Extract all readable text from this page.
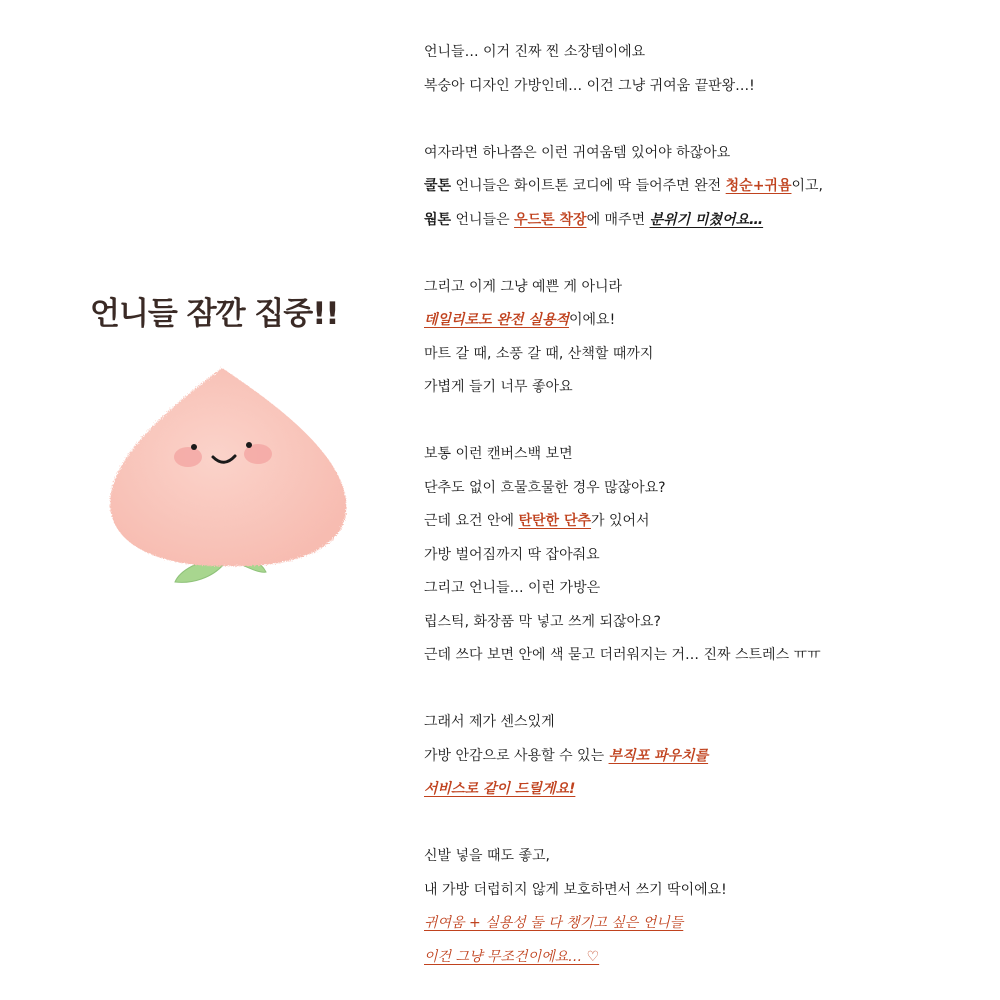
언니들 잠깐 집중!!
언니들… 이거 진짜 찐 소장템이에요
복숭아 디자인 가방인데… 이건 그냥 귀여움 끝판왕…!
여자라면 하나쯤은 이런 귀여움템 있어야 하잖아요
쿨톤 언니들은 화이트톤 코디에 딱 들어주면 완전 청순+귀욤이고,
웜톤 언니들은 우드톤 착장에 매주면 분위기 미쳤어요…
그리고 이게 그냥 예쁜 게 아니라
데일리로도 완전 실용적이에요!
마트 갈 때, 소풍 갈 때, 산책할 때까지
가볍게 들기 너무 좋아요
보통 이런 캔버스백 보면
단추도 없이 흐물흐물한 경우 많잖아요?
근데 요건 안에 탄탄한 단추가 있어서
가방 벌어짐까지 딱 잡아줘요
그리고 언니들… 이런 가방은
립스틱, 화장품 막 넣고 쓰게 되잖아요?
근데 쓰다 보면 안에 색 묻고 더러워지는 거… 진짜 스트레스 ㅠㅠ
그래서 제가 센스있게
가방 안감으로 사용할 수 있는 부직포 파우치를
서비스로 같이 드릴게요!
신발 넣을 때도 좋고,
내 가방 더럽히지 않게 보호하면서 쓰기 딱이에요!
귀여움 + 실용성 둘 다 챙기고 싶은 언니들
이건 그냥 무조건이에요… ♡
